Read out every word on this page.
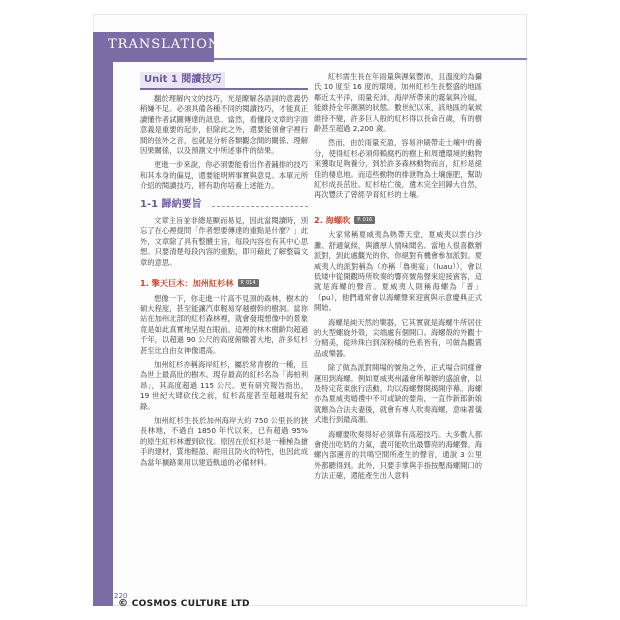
TRANSLATION
Unit 1 閱讀技巧

翻於理解內文的技巧，光是瞭解各語詞的意義仍稍嫌不足。必須具備各種不同的閱讀技巧，才能真正讀懂作者試圖傳達的訊息。當然，看懂段文章的字面意義是重要的起步，但除此之外，還要能領會字裡行間的弦外之音，也就是分析各類觀念間的關係、理解因果關係，以及預測文中所述事件的結果。

更進一步來說，你必須要能看出作者鋪排的技巧和其本身的偏見，還要能明辨事實與意見。本單元所介紹的閱讀技巧，將有助你培養上述能力。

1-1 歸納要旨

文章主旨並非總是顯而易見，因此當閱讀時，別忘了在心裡提問「作者想要傳達的重點是什麼？」此外，文章除了具有整體主旨，每段內容也有其中心思想。只要清楚每段內容的重點，即可藉此了解整篇文章的意思。

1. 擎天巨木：加州紅杉林	P. 014

想像一下，你走進一片高不見頂的森林，樹木的碩大程度，甚至能讓汽車輕易穿越樹幹的樹洞。當你站在加州北部的紅杉森林裡，就會發現想像中的景象竟是如此真實地呈現在眼前。這裡的林木樹齡均超過千年，以超過 90 公尺的高度俯瞰著大地，許多紅杉甚至比自由女神像還高。

加州紅杉亦稱海岸紅杉，屬於常青樹的一種，且為世上最高壯的樹木。現存最高的紅杉名為「海柏利昂」，其高度超過 115 公尺。更有研究報告指出，19 世紀大肆砍伐之前，紅杉高度甚至超越現有紀錄。

加州紅杉生長於加州海岸大約 750 公里長的狹長林地，不過自 1850 年代以來，已有超過 95% 的原生紅杉林遭到砍伐。原因在於紅杉是一種極為搶手的建材，質地輕盈、耐用且防火的特性，也因此成為當年擴路業用以建造軌道的必備材料。

紅杉需生長在年雨量與濕氣豐沛，且溫度約為攝氏 10 度至 16 度的環境。加州紅杉生長整盛的地區鄰近太平洋，雨量充沛，海岸所帶來的霧氣與冷風，能維持全年潮濕的狀態。數世紀以來，該地區的氣候維持不變，許多巨人般的紅杉得以長命百歲，有的樹齡甚至超過 2,200 歲。

然而，由於雨量充盈，容易沖刷帶走土壤中的養分，使得紅杉必須仰賴腐朽的樹上和周遭環境的動物來獲取足夠養分，到於許多森林動物而言，紅杉是絕佳的棲息地。而這些動物的排泄物為土壤施肥，幫助紅杉成長茁壯。紅杉枯亡後，遺木完全回歸大自然，再次豐沃了曾經孕育紅杉的土壤。

2. 海螺吹	P. 016

大家常稱夏威夷為熱帶天堂，夏威夷以雲白沙灘、舒適氣候，與濃厚人情味聞名。當地人很喜歡辦派對，到此處觀光的你，你絕對有機會參加派對。夏威夷人的派對稱為（亦稱「魯奧宴」（luau）），會以低矮中從開觀時所吹奏的響亮號角聲來迎接賓客，這就是海螺的聲音。夏威夷人則稱海螺為「普」（pu），他們通常會以海螺聲來迎賓與示意慶典正式開始。

海螺是純天然的樂器，它其實就是海螺牛所居住的大型螺旋外殼，尖端處有個開口。海螺殼的外觀十分精美，從珍珠白到深粉橘的色系皆有，可做為觀賞品或樂器。

除了做為派對開場的號角之外，正式場合同樣會運用到海螺。例如夏威夷州議會所舉辦的盛誼會，以及特定花東旅行活動，均以海螺聲開揭開序幕。海螺亦為夏威夷婚禮中不可或缺的要角，一直作新郎新娘就應為合法夫妻後，就會有專人吹奏海螺，意味著儀式進行到最高潮。

海螺要吹奏得好必須靠有高超技巧。大多數人都會使出吃奶的力氣，盡可能吹出最響亮的海螺聲。海螺內部運音的共鳴空間所產生的聲音，通說 3 公里外都聽得到。此外，只要手掌與手指按壓海螺開口的方法正確，還能產生出人意料

220
© COSMOS CULTURE LTD
